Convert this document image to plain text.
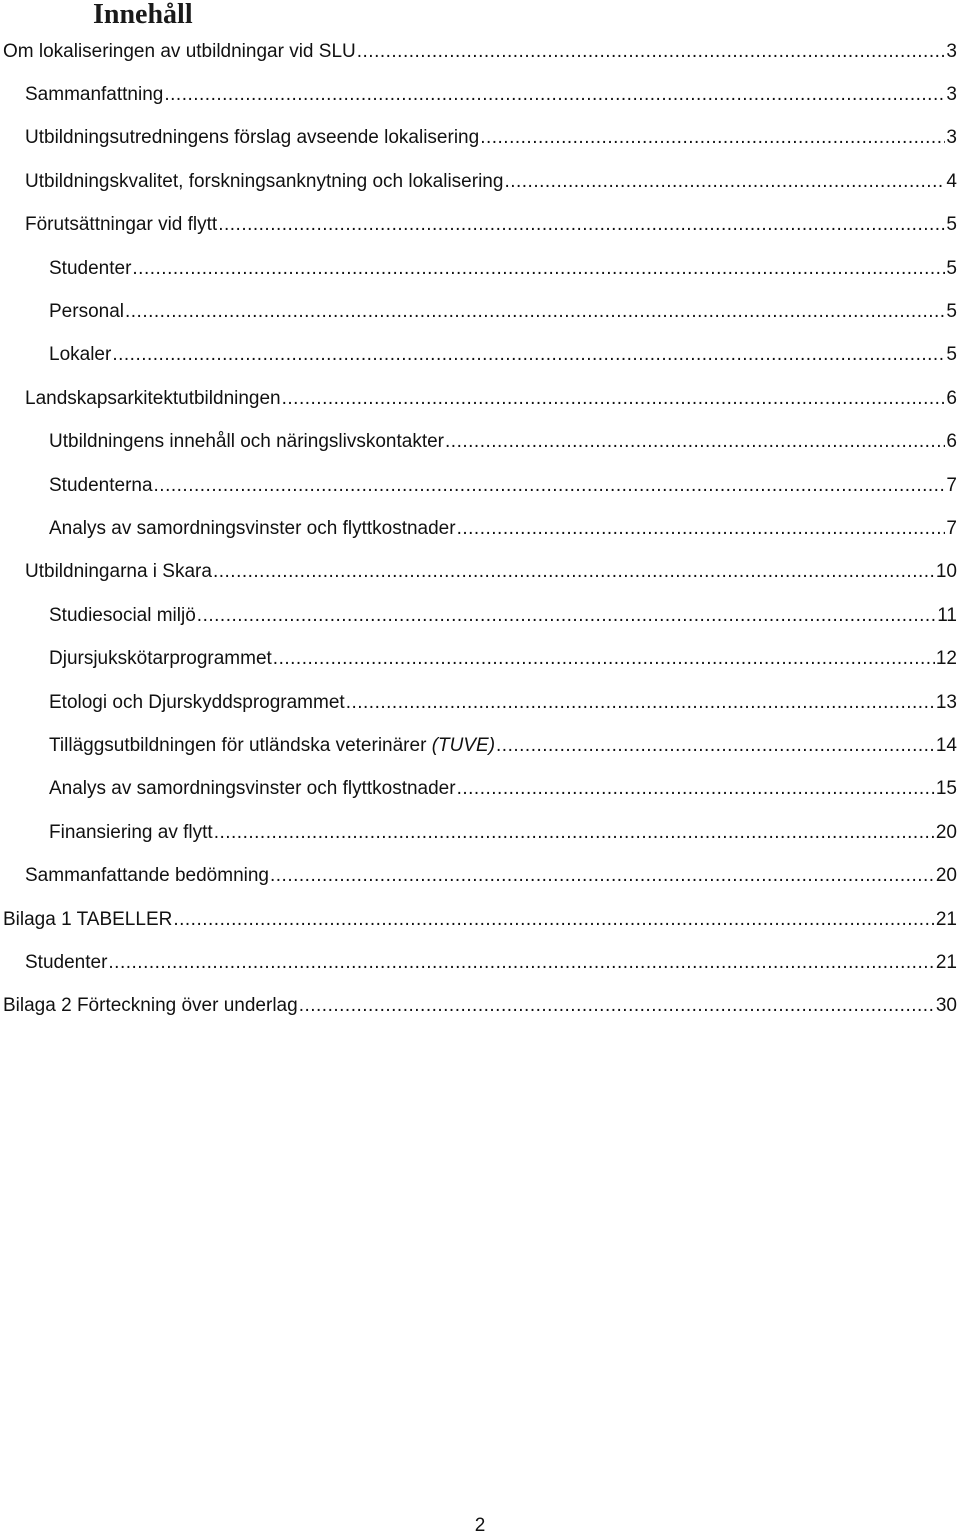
Innehåll
Om lokaliseringen av utbildningar vid SLU .....	3
Sammanfattning .....	3
Utbildningsutredningens förslag avseende lokalisering .....	3
Utbildningskvalitet, forskningsanknytning och lokalisering .....	4
Förutsättningar vid flytt .....	5
Studenter .....	5
Personal .....	5
Lokaler .....	5
Landskapsarkitektutbildningen .....	6
Utbildningens innehåll och näringslivskontakter .....	6
Studenterna .....	7
Analys av samordningsvinster och flyttkostnader .....	7
Utbildningarna i Skara .....	10
Studiesocial miljö .....	11
Djursjukskötarprogrammet .....	12
Etologi och Djurskyddsprogrammet .....	13
Tilläggsutbildningen för utländska veterinärer (TUVE) .....	14
Analys av samordningsvinster och flyttkostnader .....	15
Finansiering av flytt .....	20
Sammanfattande bedömning .....	20
Bilaga 1 TABELLER .....	21
Studenter .....	21
Bilaga 2 Förteckning över underlag .....	30
2
